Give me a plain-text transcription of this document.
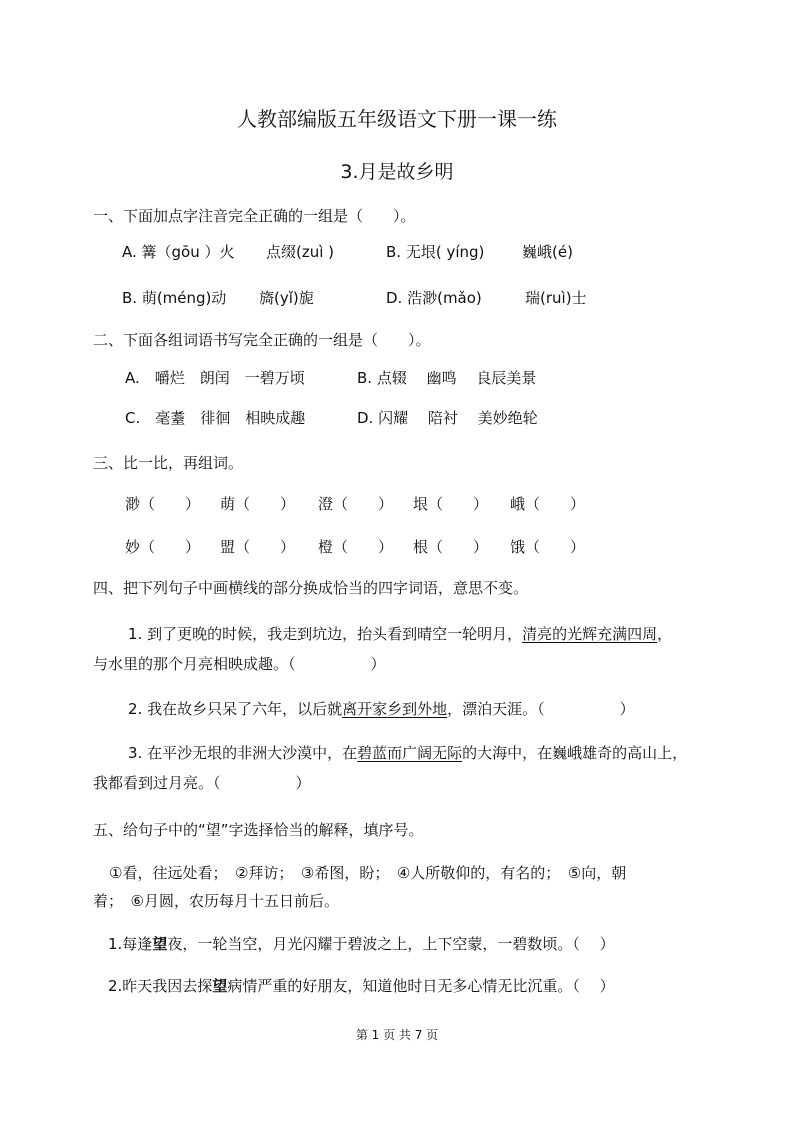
人教部编版五年级语文下册一课一练
3.月是故乡明
一、下面加点字注音完全正确的一组是（　　）。
A. 篝（gōu ）火 点缀(zuì )	B. 无垠( yíng)	巍峨(é)
B. 萌(méng)动 旖(yǐ)旎	D. 浩渺(mǎo)	瑞(ruì)士
二、下面各组词语书写完全正确的一组是（　　）。
A.　嚼烂　朗闰　一碧万顷	B. 点辍　 幽鸣　 良辰美景
C.　毫耋　徘徊　相映成趣	D. 闪耀　 陪衬　 美妙绝轮
三、比一比，再组词。
渺（　　） 萌（　　） 澄（　　） 垠（　　） 峨（　　）
妙（　　） 盟（　　） 橙（　　） 根（　　） 饿（　　）
四、把下列句子中画横线的部分换成恰当的四字词语，意思不变。
1. 到了更晚的时候，我走到坑边，抬头看到晴空一轮明月，清亮的光辉充满四周，
与水里的那个月亮相映成趣。（　　　　　）
2. 我在故乡只呆了六年，以后就离开家乡到外地，漂泊天涯。（　　　　　）
3. 在平沙无垠的非洲大沙漠中，在碧蓝而广阔无际的大海中，在巍峨雄奇的高山上，
我都看到过月亮。（　　　　　）
五、给句子中的“望”字选择恰当的解释，填序号。
①看，往远处看；　②拜访；　③希图，盼；　④人所敬仰的，有名的；　⑤向，朝
着；　⑥月圆，农历每月十五日前后。
1.每逢望夜，一轮当空，月光闪耀于碧波之上，上下空蒙，一碧数顷。（　 ）
2.昨天我因去探望病情严重的好朋友，知道他时日无多心情无比沉重。（　 ）
第 1 页 共 7 页
